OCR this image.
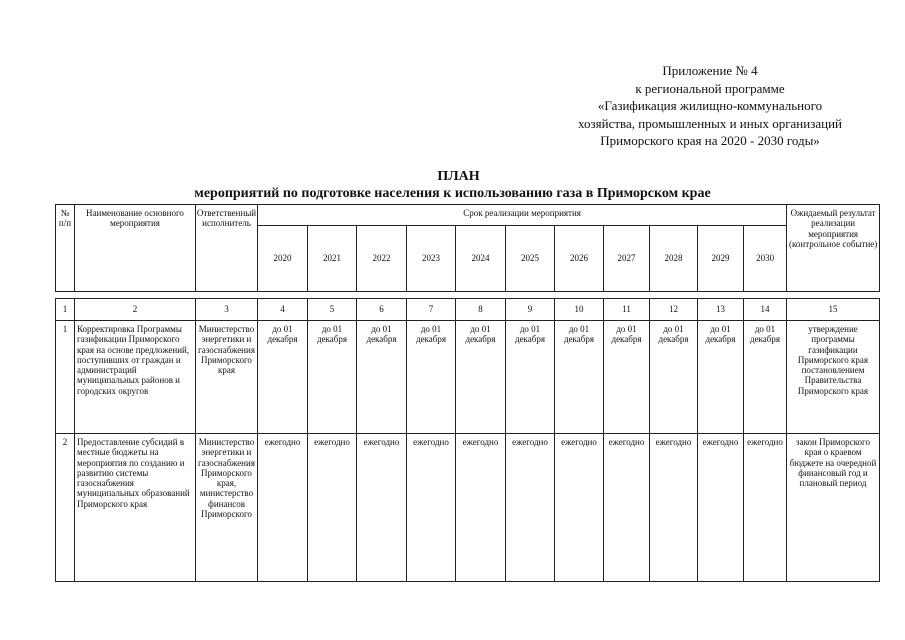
Приложение № 4
к региональной программе
«Газификация жилищно-коммунального
хозяйства, промышленных и иных организаций
Приморского края на 2020 - 2030 годы»
ПЛАН
мероприятий по подготовке населения к использованию газа в Приморском крае
№ п/п	Наименование основного мероприятия	Ответственный исполнитель	Срок реализации мероприятия											Ожидаемый результат реализации мероприятия (контрольное событие)
			2020	2021	2022	2023	2024	2025	2026	2027	2028	2029	2030	
1	2	3	4	5	6	7	8	9	10	11	12	13	14	15
1	Корректировка Программы газификации Приморского края на основе предложений, поступивших от граждан и администраций муниципальных районов и городских округов	Министерство энергетики и газоснабжения Приморского края	до 01 декабря	до 01 декабря	до 01 декабря	до 01 декабря	до 01 декабря	до 01 декабря	до 01 декабря	до 01 декабря	до 01 декабря	до 01 декабря	до 01 декабря	утверждение программы газификации Приморского края постановлением Правительства Приморского края
2	Предоставление субсидий в местные бюджеты на мероприятия по созданию и развитию системы газоснабжения муниципальных образований Приморского края	Министерство энергетики и газоснабжения Приморского края, министерство финансов Приморского	ежегодно	ежегодно	ежегодно	ежегодно	ежегодно	ежегодно	ежегодно	ежегодно	ежегодно	ежегодно	ежегодно	закон Приморского края о краевом бюджете на очередной финансовый год и плановый период
